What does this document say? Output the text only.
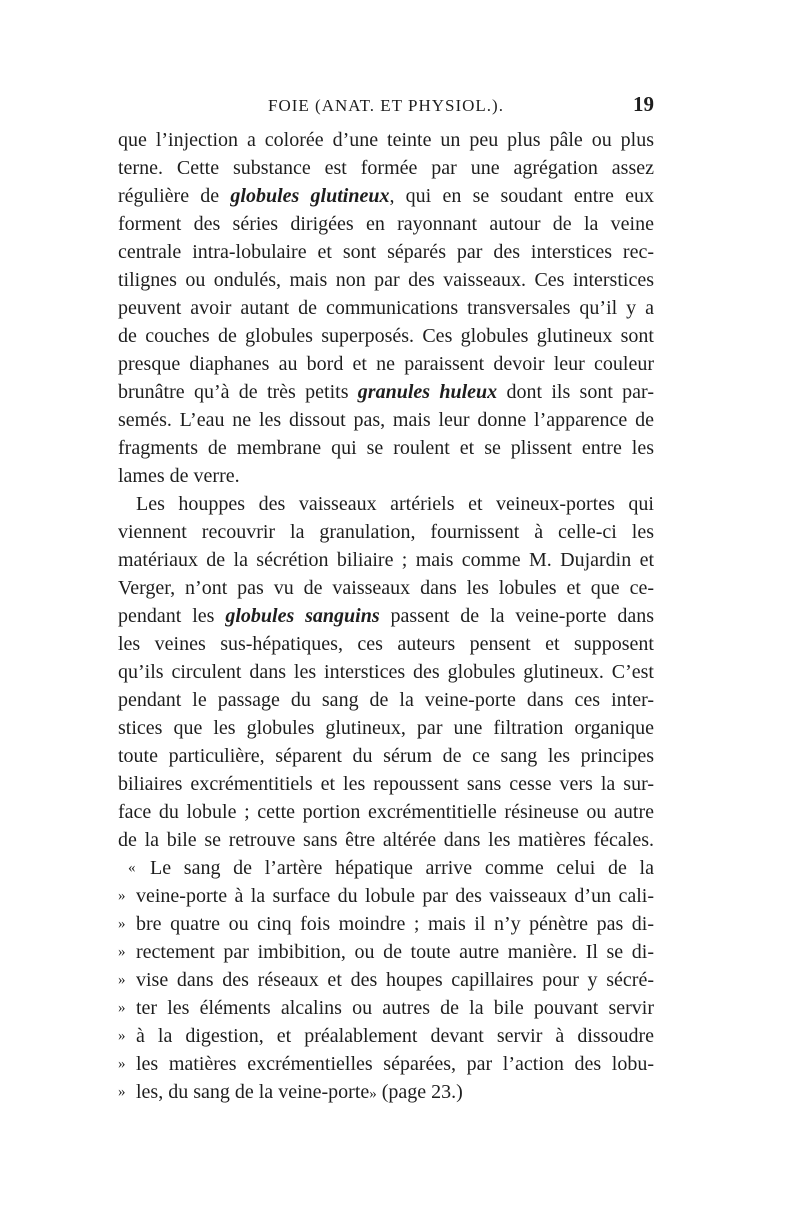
FOIE (ANAT. ET PHYSIOL.).	19
que l’injection a colorée d’une teinte un peu plus pâle ou plus
terne. Cette substance est formée par une agrégation assez
régulière de globules glutineux, qui en se soudant entre eux
forment des séries dirigées en rayonnant autour de la veine
centrale intra-lobulaire et sont séparés par des interstices rec-
tilignes ou ondulés, mais non par des vaisseaux. Ces interstices
peuvent avoir autant de communications transversales qu’il y a
de couches de globules superposés. Ces globules glutineux sont
presque diaphanes au bord et ne paraissent devoir leur couleur
brunâtre qu’à de très petits granules huleux dont ils sont par-
semés. L’eau ne les dissout pas, mais leur donne l’apparence de
fragments de membrane qui se roulent et se plissent entre les
lames de verre.
Les houppes des vaisseaux artériels et veineux-portes qui
viennent recouvrir la granulation, fournissent à celle-ci les
matériaux de la sécrétion biliaire ; mais comme M. Dujardin et
Verger, n’ont pas vu de vaisseaux dans les lobules et que ce-
pendant les globules sanguins passent de la veine-porte dans
les veines sus-hépatiques, ces auteurs pensent et supposent
qu’ils circulent dans les interstices des globules glutineux. C’est
pendant le passage du sang de la veine-porte dans ces inter-
stices que les globules glutineux, par une filtration organique
toute particulière, séparent du sérum de ce sang les principes
biliaires excrémentitiels et les repoussent sans cesse vers la sur-
face du lobule ; cette portion excrémentitielle résineuse ou autre
de la bile se retrouve sans être altérée dans les matières fécales.
« Le sang de l’artère hépatique arrive comme celui de la
» veine-porte à la surface du lobule par des vaisseaux d’un cali-
» bre quatre ou cinq fois moindre ; mais il n’y pénètre pas di-
» rectement par imbibition, ou de toute autre manière. Il se di-
» vise dans des réseaux et des houpes capillaires pour y sécré-
» ter les éléments alcalins ou autres de la bile pouvant servir
» à la digestion, et préalablement devant servir à dissoudre
» les matières excrémentielles séparées, par l’action des lobu-
» les, du sang de la veine-porte» (page 23.)
